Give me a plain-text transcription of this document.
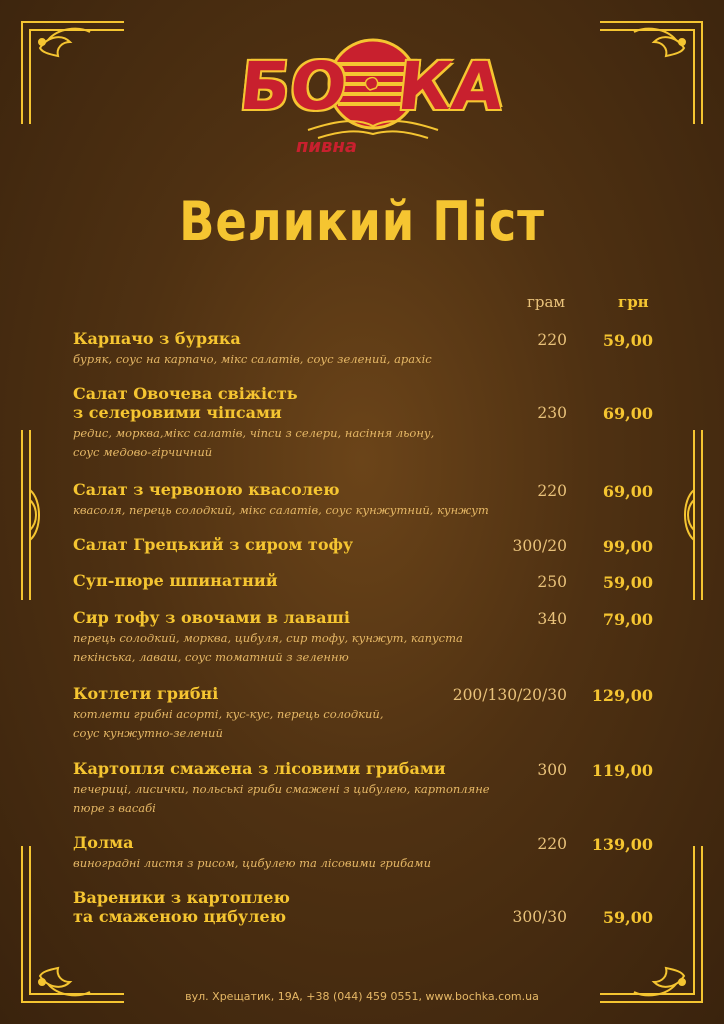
БО КА
пивна
Великий Піст
грам	грн
Карпачо з буряка
буряк, соус на карпачо, мікс салатів, соус зелений, арахіс
220 59,00
Салат Овочева свіжість
з селеровими чіпсами
редис, морква,мікс салатів, чіпси з селери, насіння льону,
соус медово-гірчичний
230 69,00
Салат з червоною квасолею
квасоля, перець солодкий, мікс салатів, соус кунжутний, кунжут
220 69,00
Салат Грецький з сиром тофу	300/20 99,00
Суп-пюре шпинатний	250 59,00
Сир тофу з овочами в лаваші
перець солодкий, морква, цибуля, сир тофу, кунжут, капуста
пекінська, лаваш, соус томатний з зеленню
340 79,00
Котлети грибні
котлети грибні асорті, кус-кус, перець солодкий,
соус кунжутно-зелений
200/130/20/30 129,00
Картопля смажена з лісовими грибами
печериці, лисички, польські гриби смажені з цибулею, картопляне
пюре з васабі
300 119,00
Долма
виноградні листя з рисом, цибулею та лісовими грибами
220 139,00
Вареники з картоплею
та смаженою цибулею	300/30 59,00
вул. Хрещатик, 19А, +38 (044) 459 0551, www.bochka.com.ua
